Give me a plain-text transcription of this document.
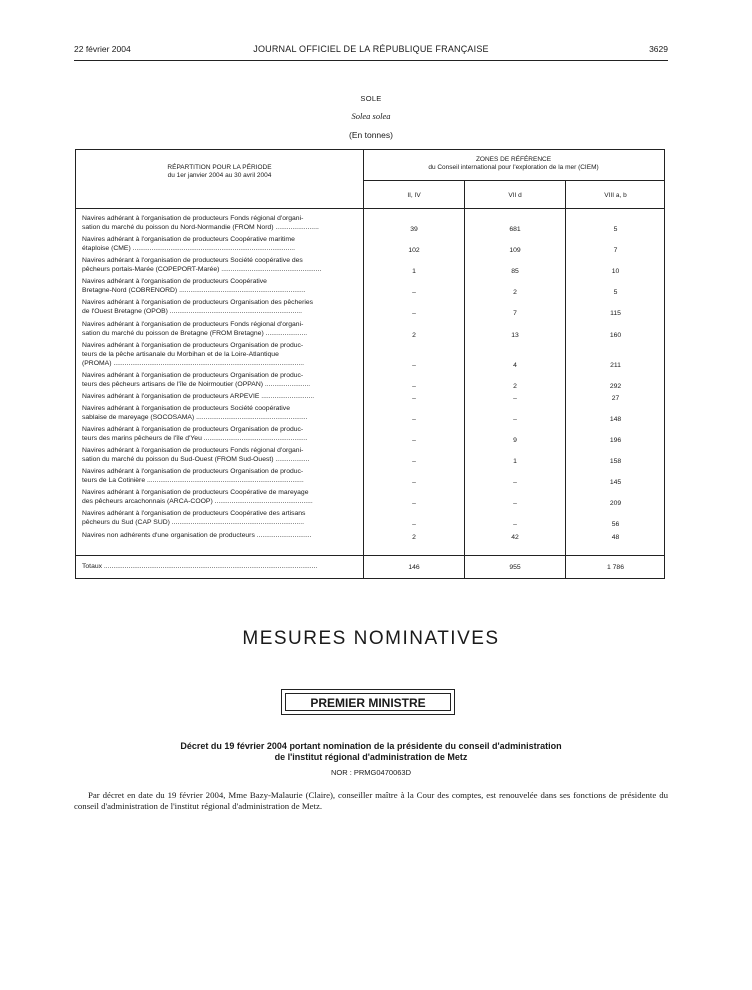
22 février 2004	JOURNAL OFFICIEL DE LA RÉPUBLIQUE FRANÇAISE	3629
SOLE
Solea solea
(En tonnes)
RÉPARTITION POUR LA PÉRIODE
du 1er janvier 2004 au 30 avril 2004
ZONES DE RÉFÉRENCE
du Conseil international pour l'exploration de la mer (CIEM)
II, IV	VII d	VIII a, b
Navires adhérant à l'organisation de producteurs Fonds régional d'organi-
sation du marché du poisson du Nord-Normandie (FROM Nord) .......................	39	681	5
Navires adhérant à l'organisation de producteurs Coopérative maritime
étaploise (CME) ......................................................................................	102	109	7
Navires adhérant à l'organisation de producteurs Société coopérative des
pêcheurs portais-Marée (COPEPORT-Marée) .....................................................	1	85	10
Navires adhérant à l'organisation de producteurs Coopérative
Bretagne-Nord (COBRENORD) ...................................................................	–	2	5
Navires adhérant à l'organisation de producteurs Organisation des pêcheries
de l'Ouest Bretagne (OPOB) ......................................................................	–	7	115
Navires adhérant à l'organisation de producteurs Fonds régional d'organi-
sation du marché du poisson de Bretagne (FROM Bretagne) ......................	2	13	160
Navires adhérant à l'organisation de producteurs Organisation de produc-
teurs de la pêche artisanale du Morbihan et de la Loire-Atlantique
(PROMA) .....................................................................................................	–	4	211
Navires adhérant à l'organisation de producteurs Organisation de produc-
teurs des pêcheurs artisans de l'île de Noirmoutier (OPPAN) ........................	–	2	292
Navires adhérant à l'organisation de producteurs ARPEVIE ............................	–	–	27
Navires adhérant à l'organisation de producteurs Société coopérative
sablaise de mareyage (SOCOSAMA) ...........................................................	–	–	148
Navires adhérant à l'organisation de producteurs Organisation de produc-
teurs des marins pêcheurs de l'île d'Yeu .......................................................	–	9	196
Navires adhérant à l'organisation de producteurs Fonds régional d'organi-
sation du marché du poisson du Sud-Ouest (FROM Sud-Ouest) ..................	–	1	158
Navires adhérant à l'organisation de producteurs Organisation de produc-
teurs de La Cotinière ...................................................................................	–	–	145
Navires adhérant à l'organisation de producteurs Coopérative de mareyage
des pêcheurs arcachonnais (ARCA-COOP) ....................................................	–	–	209
Navires adhérant à l'organisation de producteurs Coopérative des artisans
pêcheurs du Sud (CAP SUD) ......................................................................	–	–	56
Navires non adhérents d'une organisation de producteurs .............................	2	42	48
Totaux .................................................................................................................	146	955	1 786
MESURES NOMINATIVES
PREMIER MINISTRE
Décret du 19 février 2004 portant nomination de la présidente du conseil d'administration
de l'institut régional d'administration de Metz
NOR : PRMG0470063D
Par décret en date du 19 février 2004, Mme Bazy-Malaurie (Claire), conseiller maître à la Cour des comptes, est renouvelée dans ses fonctions de présidente du conseil d'administration de l'institut régional d'administration de Metz.
